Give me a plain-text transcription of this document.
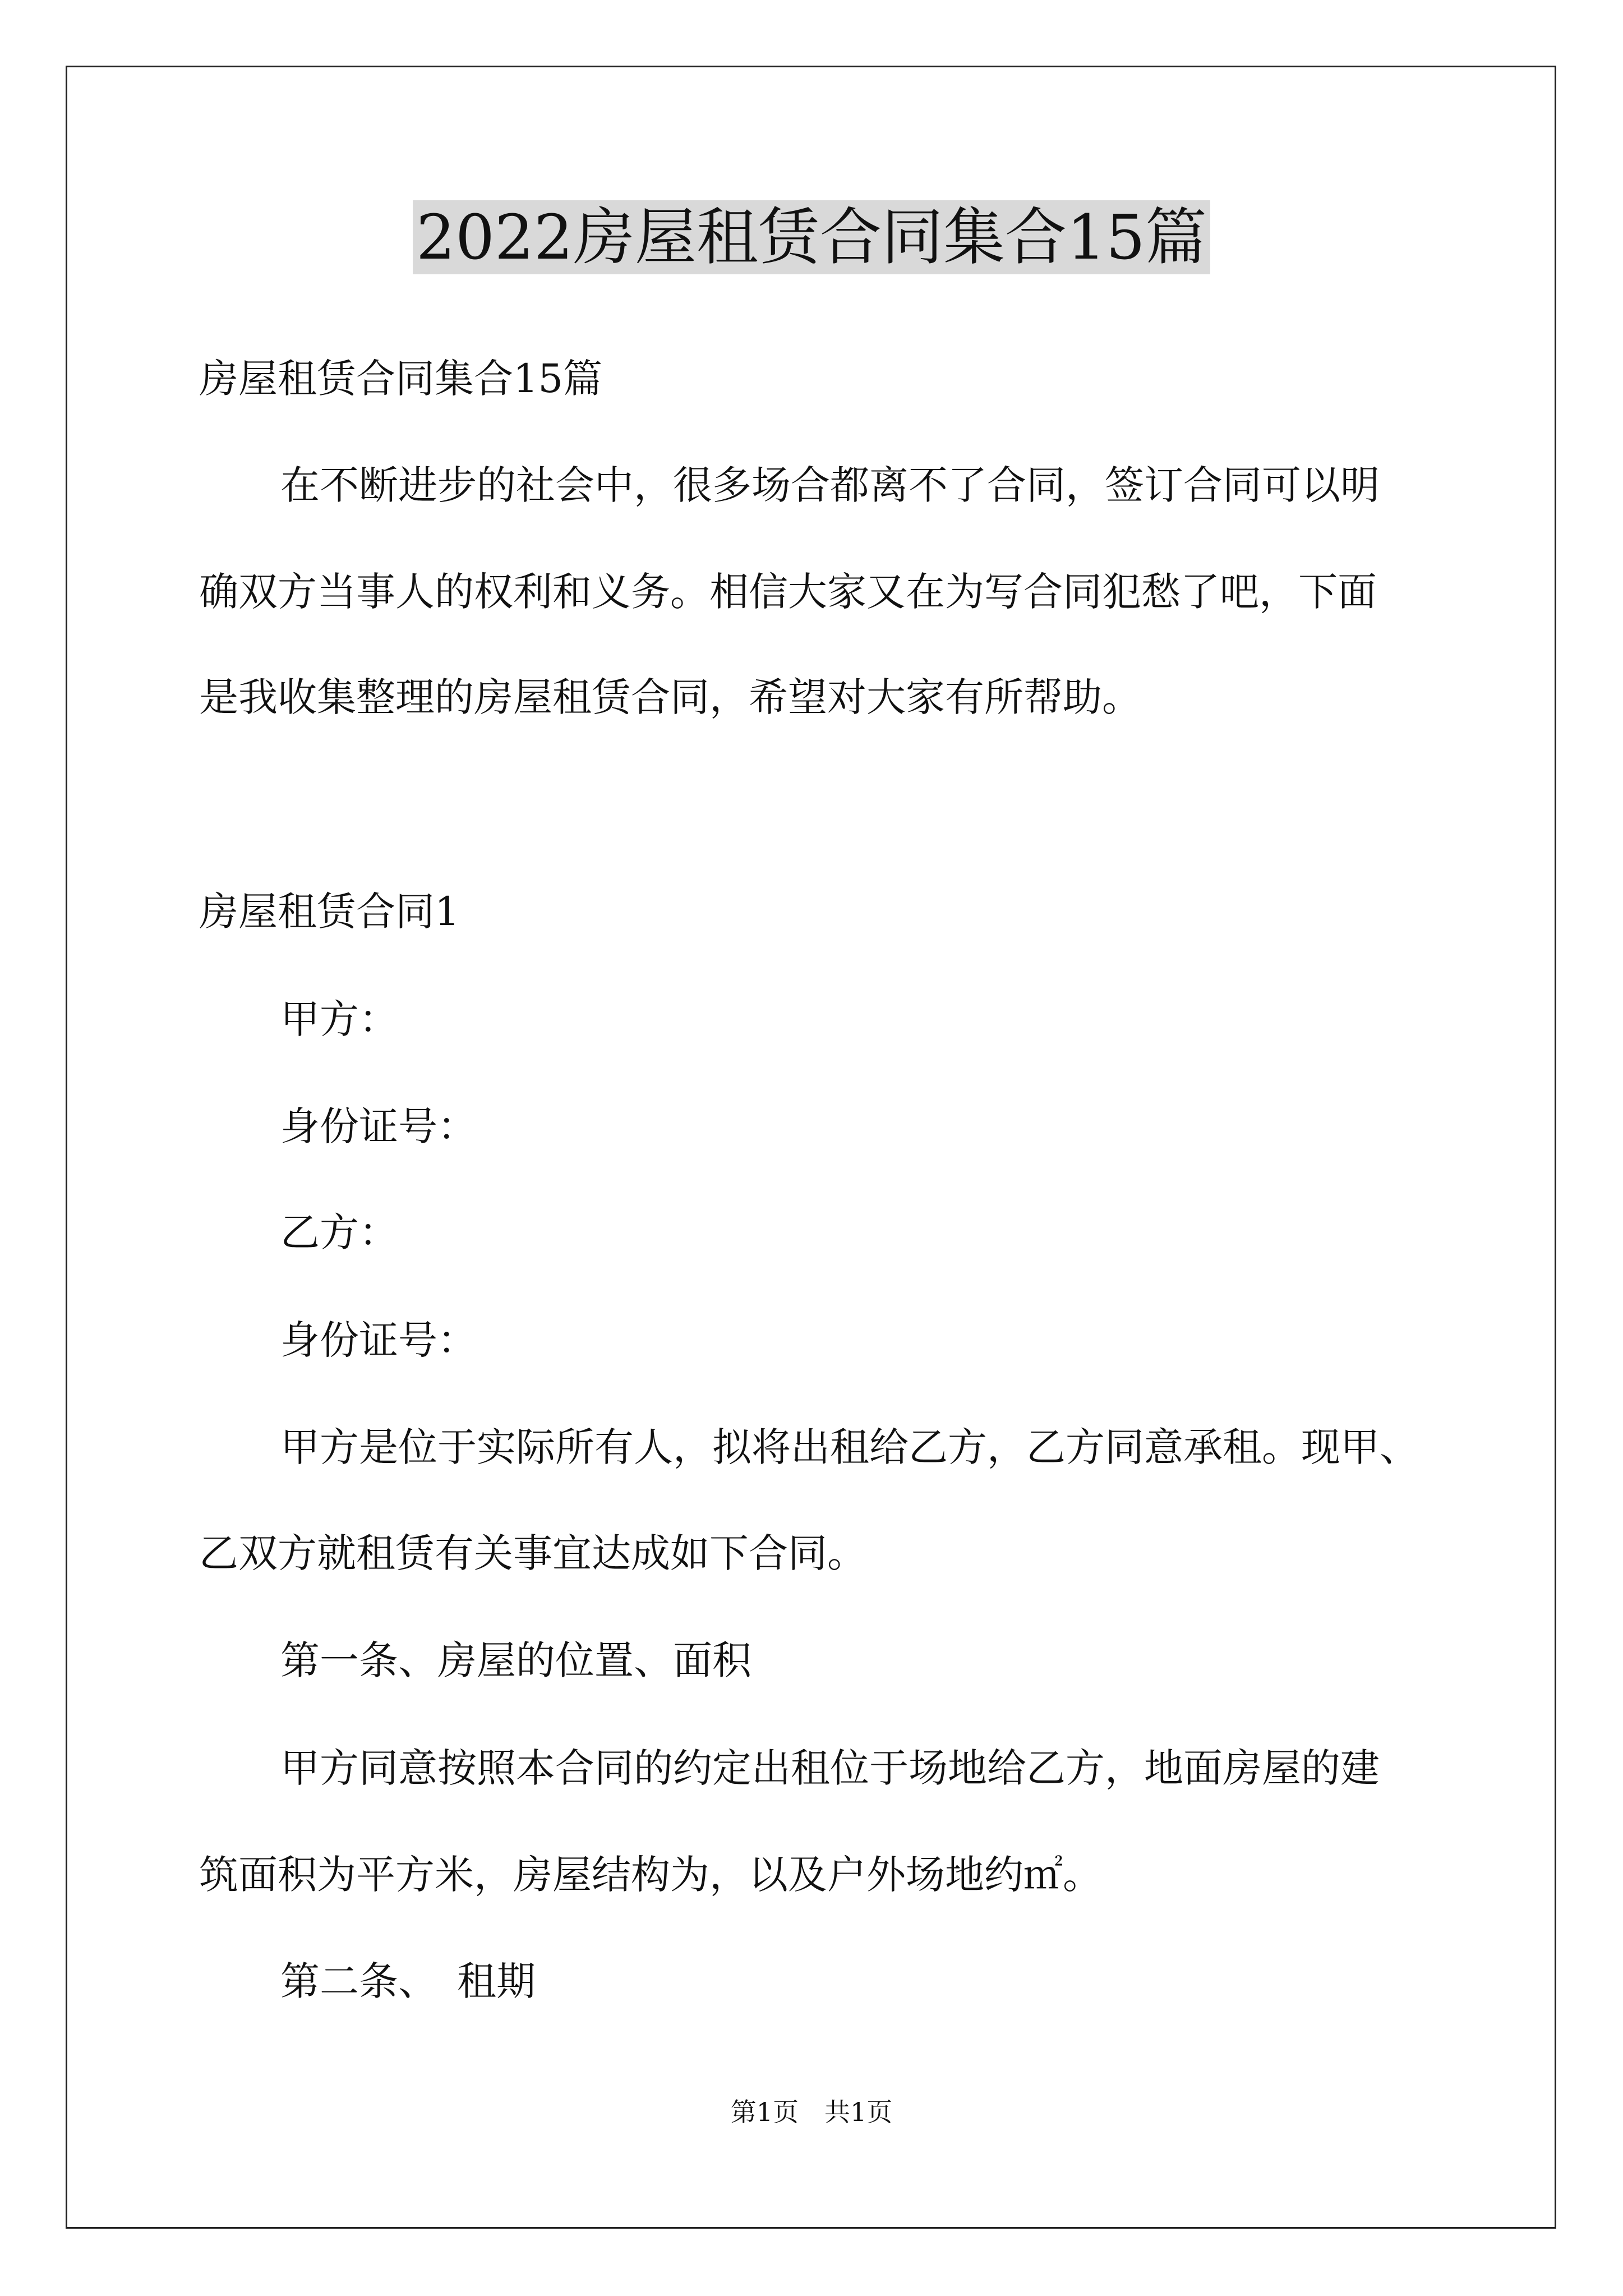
2022房屋租赁合同集合15篇
房屋租赁合同集合15篇
在不断进步的社会中，很多场合都离不了合同，签订合同可以明
确双方当事人的权利和义务。相信大家又在为写合同犯愁了吧，下面
是我收集整理的房屋租赁合同，希望对大家有所帮助。
房屋租赁合同1
甲方：
身份证号：
乙方：
身份证号：
甲方是位于实际所有人，拟将出租给乙方，乙方同意承租。现甲、
乙双方就租赁有关事宜达成如下合同。
第一条、房屋的位置、面积
甲方同意按照本合同的约定出租位于场地给乙方，地面房屋的建
筑面积为平方米，房屋结构为，以及户外场地约㎡。
第二条、　租期
第1页　共1页
